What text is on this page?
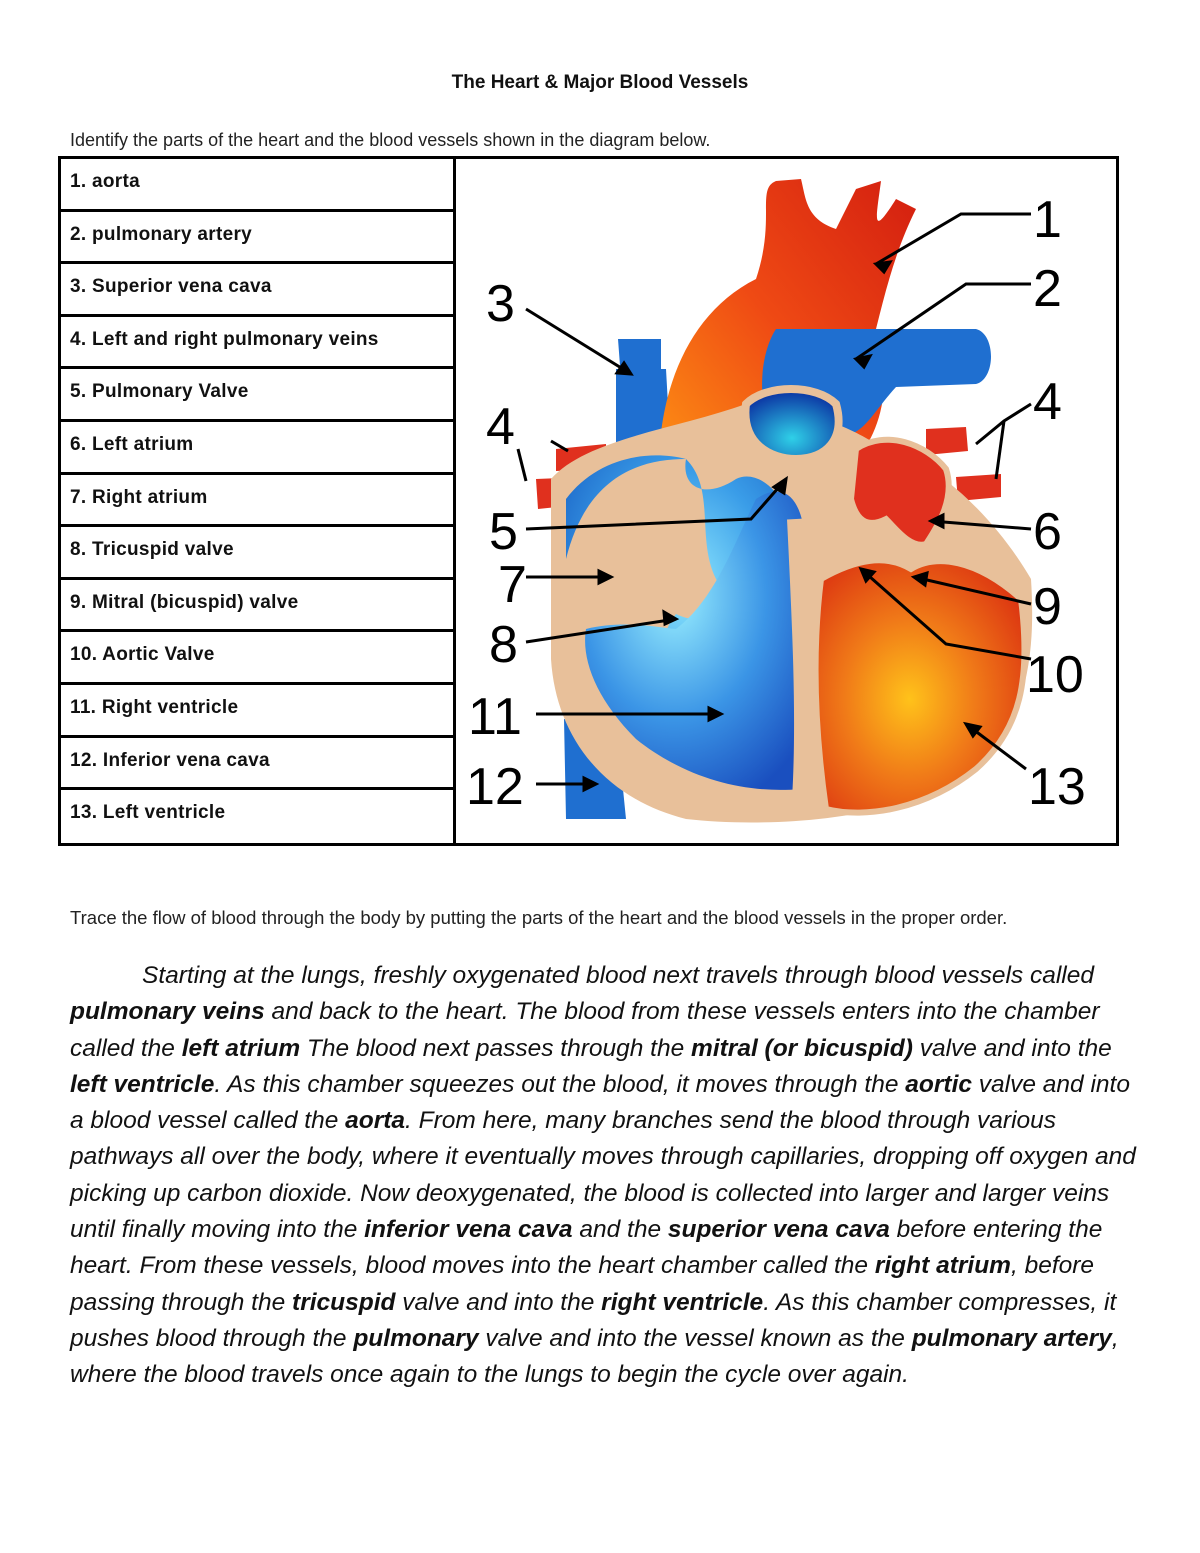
The Heart & Major Blood Vessels
Identify the parts of the heart and the blood vessels shown in the diagram below.
1. aorta
2. pulmonary artery
3. Superior vena cava
4. Left and right pulmonary veins
5. Pulmonary Valve
6. Left atrium
7. Right atrium
8. Tricuspid valve
9. Mitral (bicuspid) valve
10. Aortic Valve
11. Right ventricle
12. Inferior vena cava
13. Left ventricle
1
2
3
4	4
5	6
7
8
9
10
11
12	13
Trace the flow of blood through the body by putting the parts of the heart and the blood vessels in the proper order.
Starting at the lungs, freshly oxygenated blood next travels through blood vessels called pulmonary veins and back to the heart. The blood from these vessels enters into the chamber called the left atrium The blood next passes through the mitral (or bicuspid) valve and into the left ventricle. As this chamber squeezes out the blood, it moves through the aortic valve and into a blood vessel called the aorta. From here, many branches send the blood through various pathways all over the body, where it eventually moves through capillaries, dropping off oxygen and picking up carbon dioxide. Now deoxygenated, the blood is collected into larger and larger veins until finally moving into the inferior vena cava and the superior vena cava before entering the heart. From these vessels, blood moves into the heart chamber called the right atrium, before passing through the tricuspid valve and into the right ventricle. As this chamber compresses, it pushes blood through the pulmonary valve and into the vessel known as the pulmonary artery, where the blood travels once again to the lungs to begin the cycle over again.
